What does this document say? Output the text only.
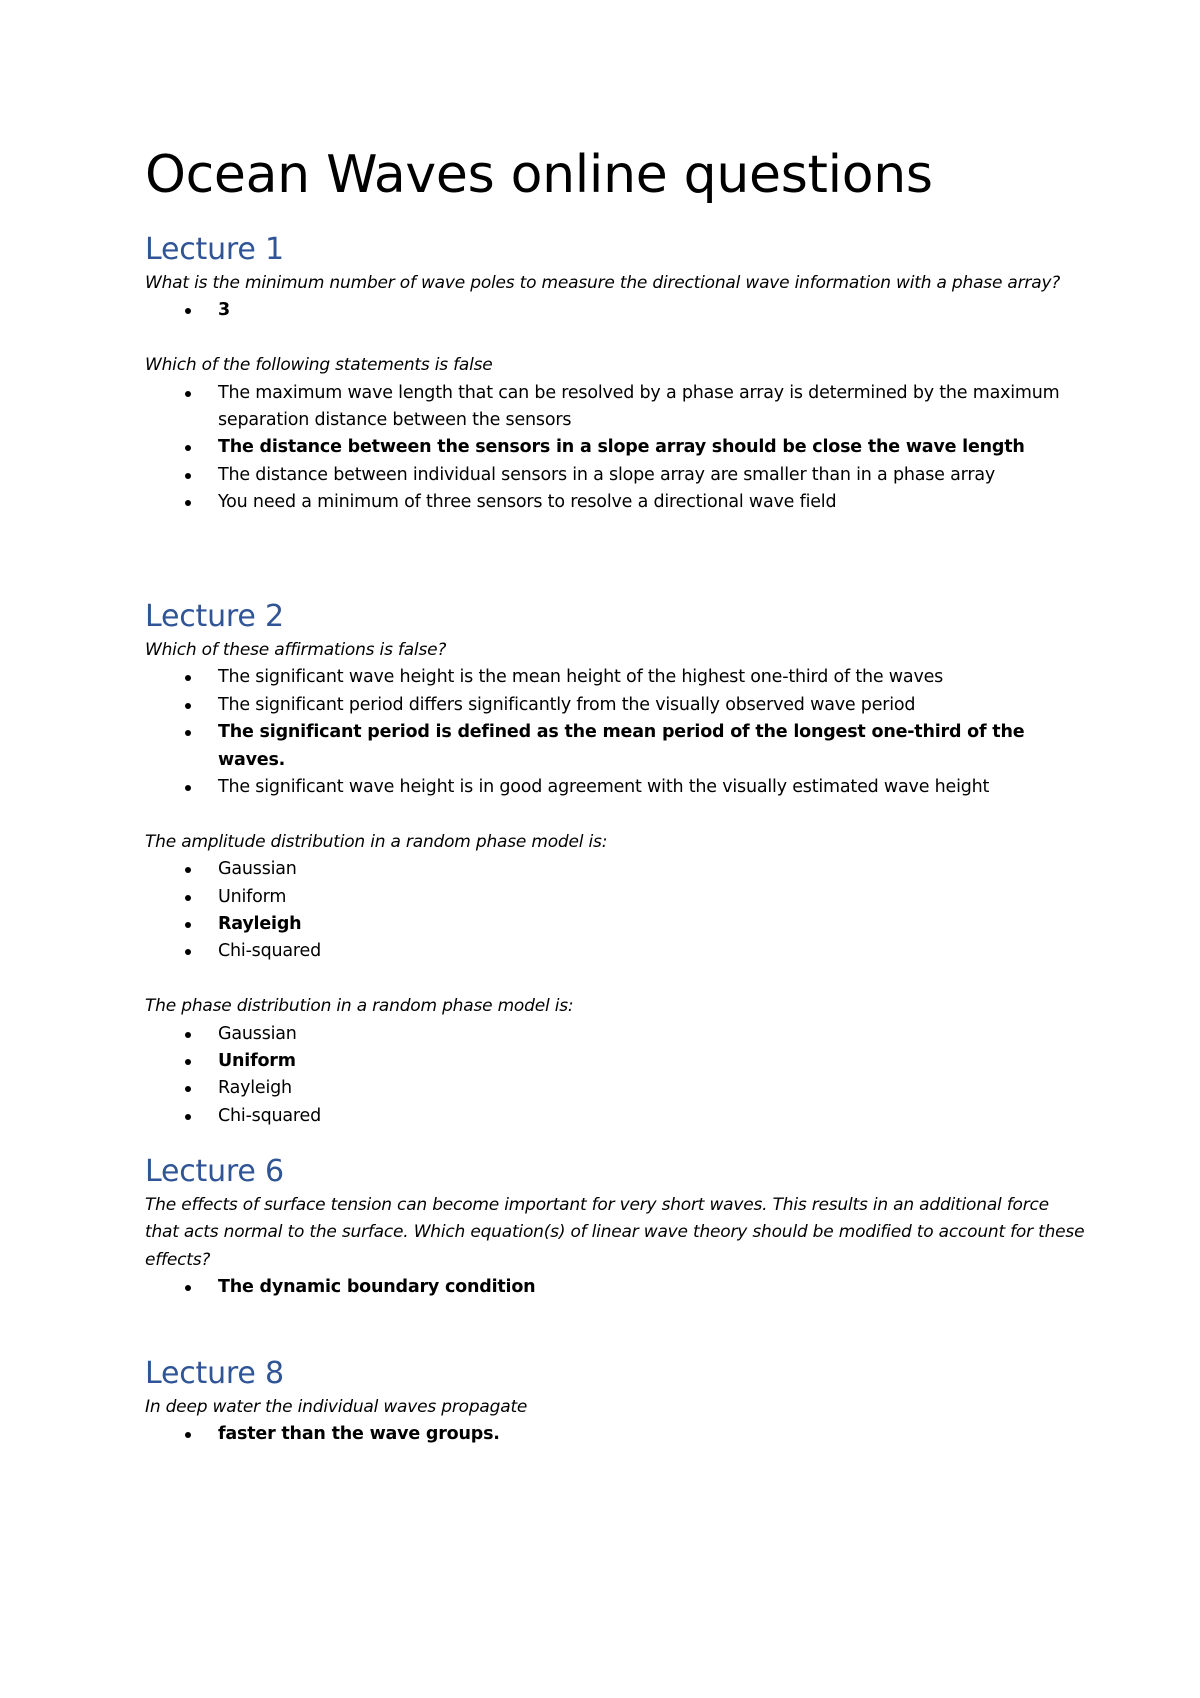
Ocean Waves online questions
Lecture 1

What is the minimum number of wave poles to measure the directional wave information with a phase array?

3

Which of the following statements is false

The maximum wave length that can be resolved by a phase array is determined by the maximum separation distance between the sensors
The distance between the sensors in a slope array should be close the wave length
The distance between individual sensors in a slope array are smaller than in a phase array
You need a minimum of three sensors to resolve a directional wave field
Lecture 2

Which of these affirmations is false?

The significant wave height is the mean height of the highest one-third of the waves
The significant period differs significantly from the visually observed wave period
The significant period is defined as the mean period of the longest one-third of the waves.
The significant wave height is in good agreement with the visually estimated wave height

The amplitude distribution in a random phase model is:

Gaussian
Uniform
Rayleigh
Chi-squared

The phase distribution in a random phase model is:

Gaussian
Uniform
Rayleigh
Chi-squared
Lecture 6

The effects of surface tension can become important for very short waves. This results in an additional force that acts normal to the surface. Which equation(s) of linear wave theory should be modified to account for these effects?

The dynamic boundary condition
Lecture 8

In deep water the individual waves propagate

faster than the wave groups.
